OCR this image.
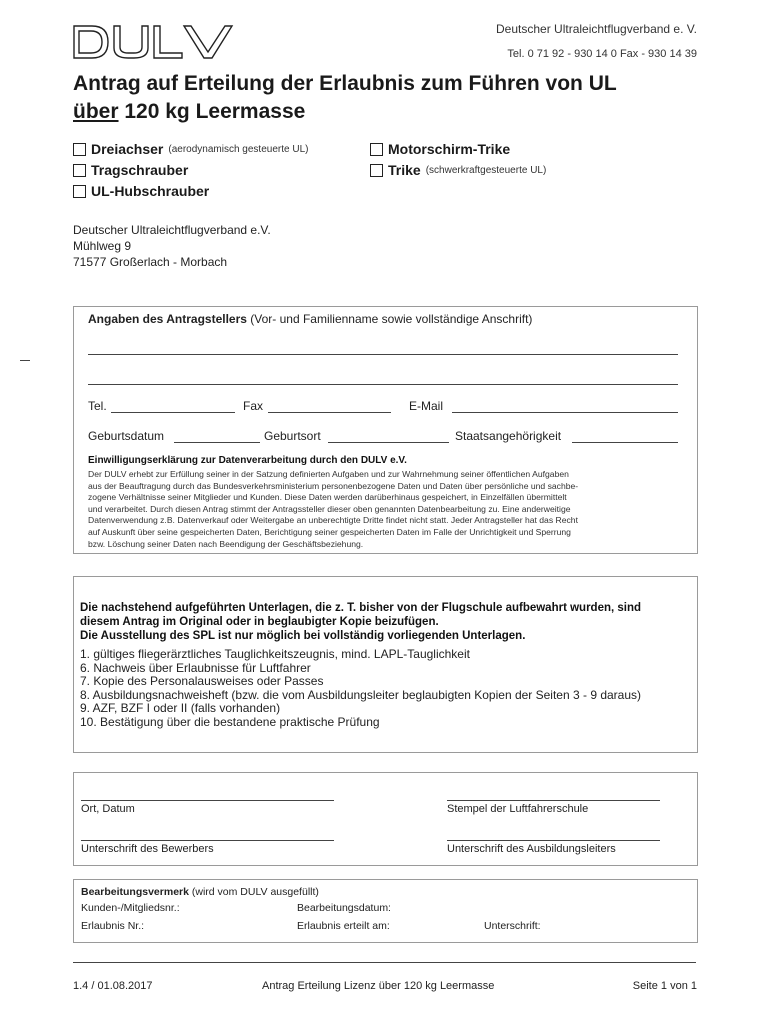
DULV	Deutscher Ultraleichtflugverband e. V.
Tel. 0 71 92 - 930 14 0 Fax - 930 14 39
Antrag auf Erteilung der Erlaubnis zum Führen von UL
über 120 kg Leermasse
Dreiachser (aerodynamisch gesteuerte UL)
Tragschrauber
UL-Hubschrauber
Motorschirm-Trike
Trike (schwerkraftgesteuerte UL)
Deutscher Ultraleichtflugverband e.V.
Mühlweg 9
71577 Großerlach - Morbach
Angaben des Antragstellers (Vor- und Familienname sowie vollständige Anschrift)
Tel.	Fax	E-Mail
Geburtsdatum	Geburtsort	Staatsangehörigkeit
Einwilligungserklärung zur Datenverarbeitung durch den DULV e.V.
Der DULV erhebt zur Erfüllung seiner in der Satzung definierten Aufgaben und zur Wahrnehmung seiner öffentlichen Aufgaben
aus der Beauftragung durch das Bundesverkehrsministerium personenbezogene Daten und Daten über persönliche und sachbe-
zogene Verhältnisse seiner Mitglieder und Kunden. Diese Daten werden darüberhinaus gespeichert, in Einzelfällen übermittelt
und verarbeitet. Durch diesen Antrag stimmt der Antragssteller dieser oben genannten Datenbearbeitung zu. Eine anderweitige
Datenverwendung z.B. Datenverkauf oder Weitergabe an unberechtigte Dritte findet nicht statt. Jeder Antragsteller hat das Recht
auf Auskunft über seine gespeicherten Daten, Berichtigung seiner gespeicherten Daten im Falle der Unrichtigkeit und Sperrung
bzw. Löschung seiner Daten nach Beendigung der Geschäftsbeziehung.
Die nachstehend aufgeführten Unterlagen, die z. T. bisher von der Flugschule aufbewahrt wurden, sind
diesem Antrag im Original oder in beglaubigter Kopie beizufügen.
Die Ausstellung des SPL ist nur möglich bei vollständig vorliegenden Unterlagen.
1. gültiges fliegerärztliches Tauglichkeitszeugnis, mind. LAPL-Tauglichkeit
6. Nachweis über Erlaubnisse für Luftfahrer
7. Kopie des Personalausweises oder Passes
8. Ausbildungsnachweisheft (bzw. die vom Ausbildungsleiter beglaubigten Kopien der Seiten 3 - 9 daraus)
9. AZF, BZF I oder II (falls vorhanden)
10. Bestätigung über die bestandene praktische Prüfung
Ort, Datum	Stempel der Luftfahrerschule
Unterschrift des Bewerbers	Unterschrift des Ausbildungsleiters
Bearbeitungsvermerk (wird vom DULV ausgefüllt)
Kunden-/Mitgliedsnr.:	Bearbeitungsdatum:
Erlaubnis Nr.:	Erlaubnis erteilt am:	Unterschrift:
1.4 / 01.08.2017	Antrag Erteilung Lizenz über 120 kg Leermasse	Seite 1 von 1
